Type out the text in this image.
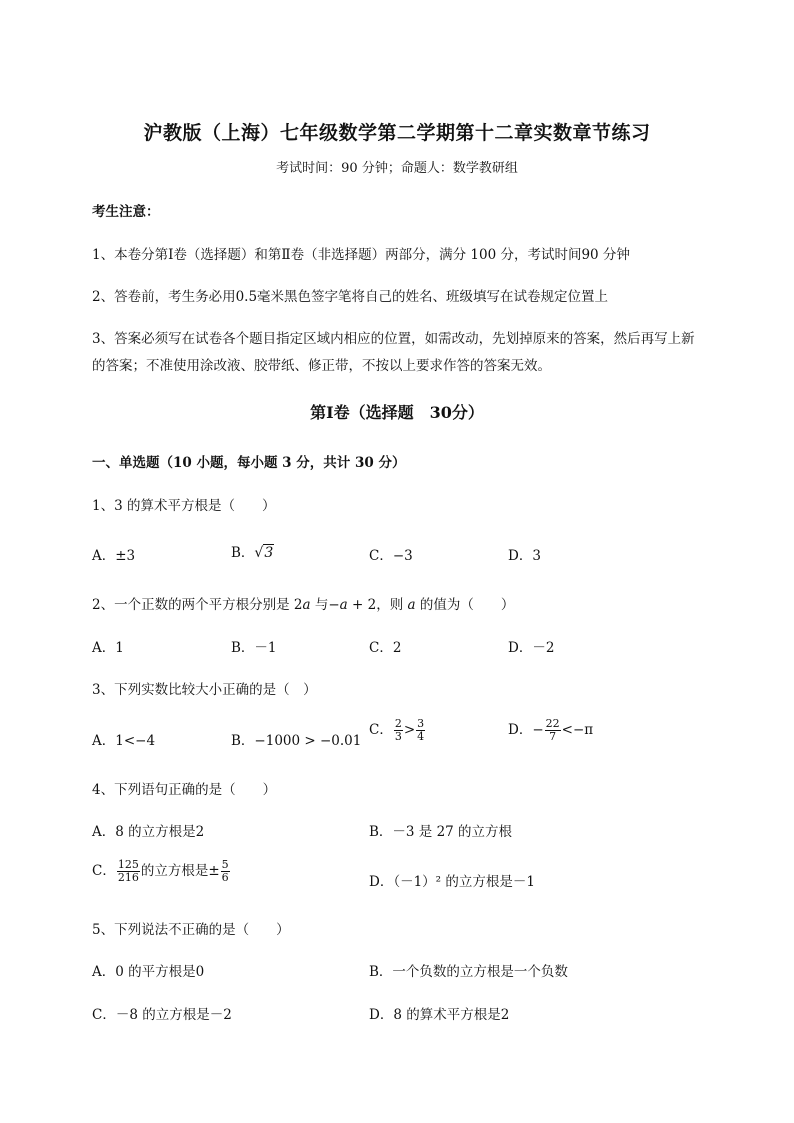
沪教版（上海）七年级数学第二学期第十二章实数章节练习
考试时间：90 分钟；命题人：数学教研组
考生注意：
1、本卷分第Ⅰ卷（选择题）和第Ⅱ卷（非选择题）两部分，满分 100 分，考试时间90 分钟
2、答卷前，考生务必用0.5毫米黑色签字笔将自己的姓名、班级填写在试卷规定位置上
3、答案必须写在试卷各个题目指定区域内相应的位置，如需改动，先划掉原来的答案，然后再写上新
的答案；不准使用涂改液、胶带纸、修正带，不按以上要求作答的答案无效。
第Ⅰ卷（选择题　30分）
一、单选题（10 小题，每小题 3 分，共计 30 分）
1、3 的算术平方根是（　　）
A．±3	B．√3	C．−3	D．3
2、一个正数的两个平方根分别是 2a 与−a + 2，则 a 的值为（　　）
A．1	B．－1	C．2	D．－2
3、下列实数比较大小正确的是（　）
A．1<−4	B．−1000 > −0.01
C． $\frac{2}{3} > \frac{3}{4}$	D．− $\frac{22}{7} <-\pi$
4、下列语句正确的是（　　）
A．8 的立方根是2	B．－3 是 27 的立方根
C． $\frac{125}{216}$ 的立方根是± $\frac{5}{6}$	D．（－1）² 的立方根是－1
5、下列说法不正确的是（　　）
A．0 的平方根是0	B．一个负数的立方根是一个负数
C．－8 的立方根是－2	D．8 的算术平方根是2
